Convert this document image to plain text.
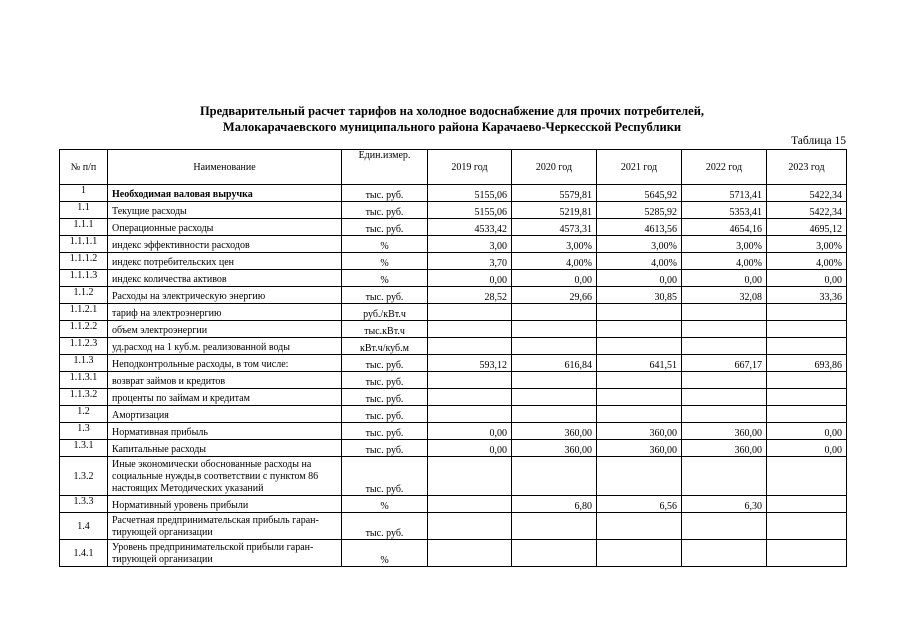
Предварительный расчет тарифов на холодное водоснабжение для прочих потребителей,
Малокарачаевского муниципального района Карачаево-Черкесской Республики
Таблица 15
№ п/п	Наименование	Един.измер.	2019 год	2020 год	2021 год	2022 год	2023 год
1	Необходимая валовая выручка	тыс. руб.	5155,06	5579,81	5645,92	5713,41	5422,34
1.1	Текущие расходы	тыс. руб.	5155,06	5219,81	5285,92	5353,41	5422,34
1.1.1	Операционные расходы	тыс. руб.	4533,42	4573,31	4613,56	4654,16	4695,12
1.1.1.1	индекс эффективности расходов	%	3,00	3,00%	3,00%	3,00%	3,00%
1.1.1.2	индекс потребительских цен	%	3,70	4,00%	4,00%	4,00%	4,00%
1.1.1.3	индекс количества активов	%	0,00	0,00	0,00	0,00	0,00
1.1.2	Расходы на электрическую энергию	тыс. руб.	28,52	29,66	30,85	32,08	33,36
1.1.2.1	тариф на электроэнергию	руб./кВт.ч					
1.1.2.2	объем электроэнергии	тыс.кВт.ч					
1.1.2.3	уд.расход на 1 куб.м. реализованной воды	кВт.ч/куб.м					
1.1.3	Неподконтрольные расходы, в том числе:	тыс. руб.	593,12	616,84	641,51	667,17	693,86
1.1.3.1	возврат займов и кредитов	тыс. руб.					
1.1.3.2	проценты по займам и кредитам	тыс. руб.					
1.2	Амортизация	тыс. руб.					
1.3	Нормативная прибыль	тыс. руб.	0,00	360,00	360,00	360,00	0,00
1.3.1	Капитальные расходы	тыс. руб.	0,00	360,00	360,00	360,00	0,00
1.3.2	Иные экономически обоснованные расходы на социальные нужды,в соответствии с пунктом 86 настоящих Методических указаний	тыс. руб.					
1.3.3	Нормативный уровень прибыли	%		6,80	6,56	6,30	
1.4	Расчетная предпринимательская прибыль гаран-тирующей организации	тыс. руб.					
1.4.1	Уровень предпринимательской прибыли гаран-тирующей организации	%					
